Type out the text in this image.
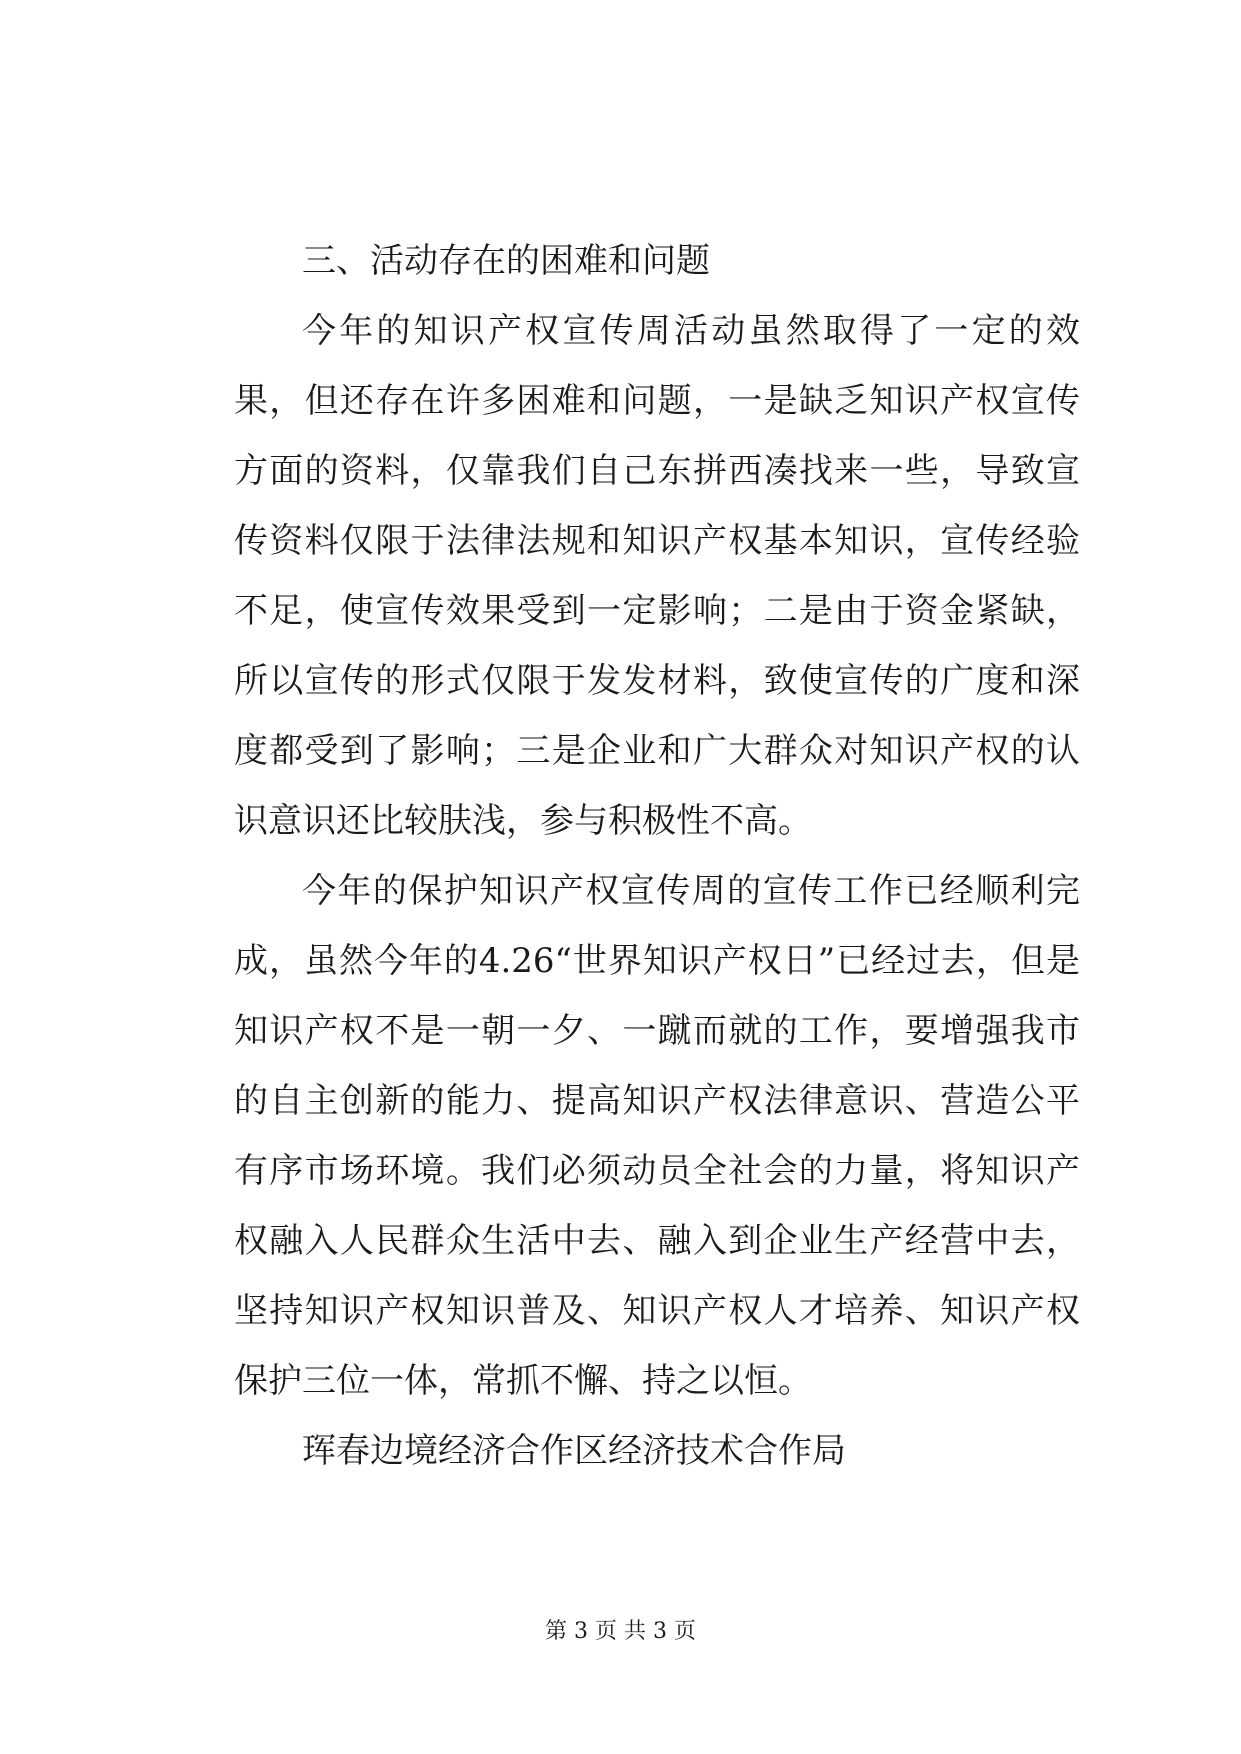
三、活动存在的困难和问题

今年的知识产权宣传周活动虽然取得了一定的效果，但还存在许多困难和问题，一是缺乏知识产权宣传方面的资料，仅靠我们自己东拼西凑找来一些，导致宣传资料仅限于法律法规和知识产权基本知识，宣传经验不足，使宣传效果受到一定影响；二是由于资金紧缺，所以宣传的形式仅限于发发材料，致使宣传的广度和深度都受到了影响；三是企业和广大群众对知识产权的认识意识还比较肤浅，参与积极性不高。

今年的保护知识产权宣传周的宣传工作已经顺利完成，虽然今年的4.26“世界知识产权日”已经过去，但是知识产权不是一朝一夕、一蹴而就的工作，要增强我市的自主创新的能力、提高知识产权法律意识、营造公平有序市场环境。我们必须动员全社会的力量，将知识产权融入人民群众生活中去、融入到企业生产经营中去，坚持知识产权知识普及、知识产权人才培养、知识产权保护三位一体，常抓不懈、持之以恒。

珲春边境经济合作区经济技术合作局

第 3 页 共 3 页
